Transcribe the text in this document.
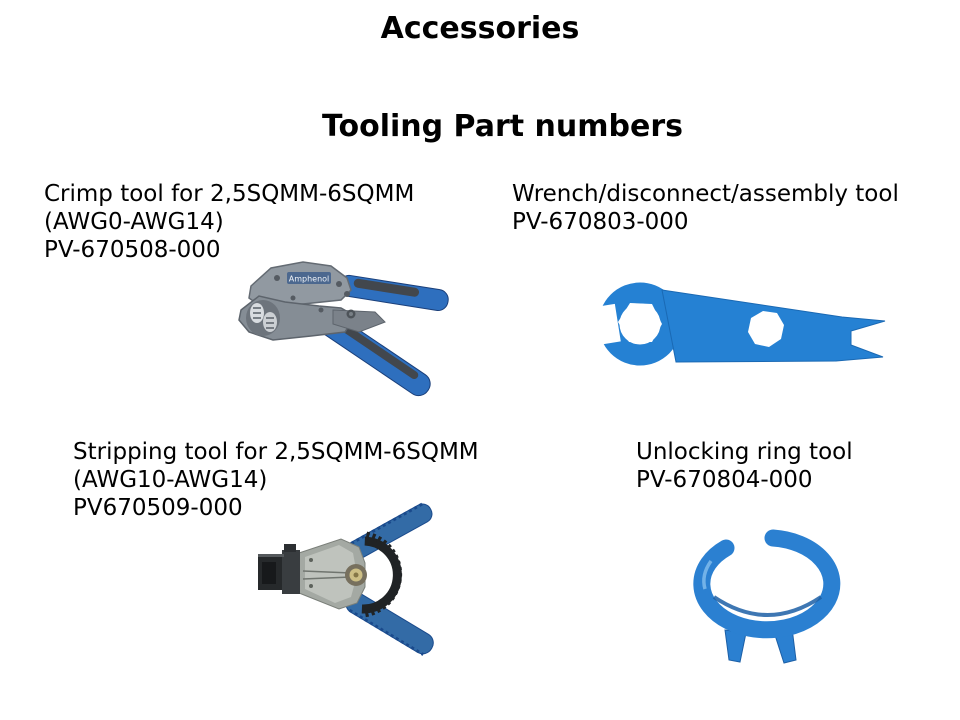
Accessories
Tooling Part numbers
Crimp tool for 2,5SQMM-6SQMM
(AWG0-AWG14)
PV-670508-000
Wrench/disconnect/assembly tool
PV-670803-000
Stripping tool for 2,5SQMM-6SQMM
(AWG10-AWG14)
PV670509-000
Unlocking ring tool
PV-670804-000
Amphenol
